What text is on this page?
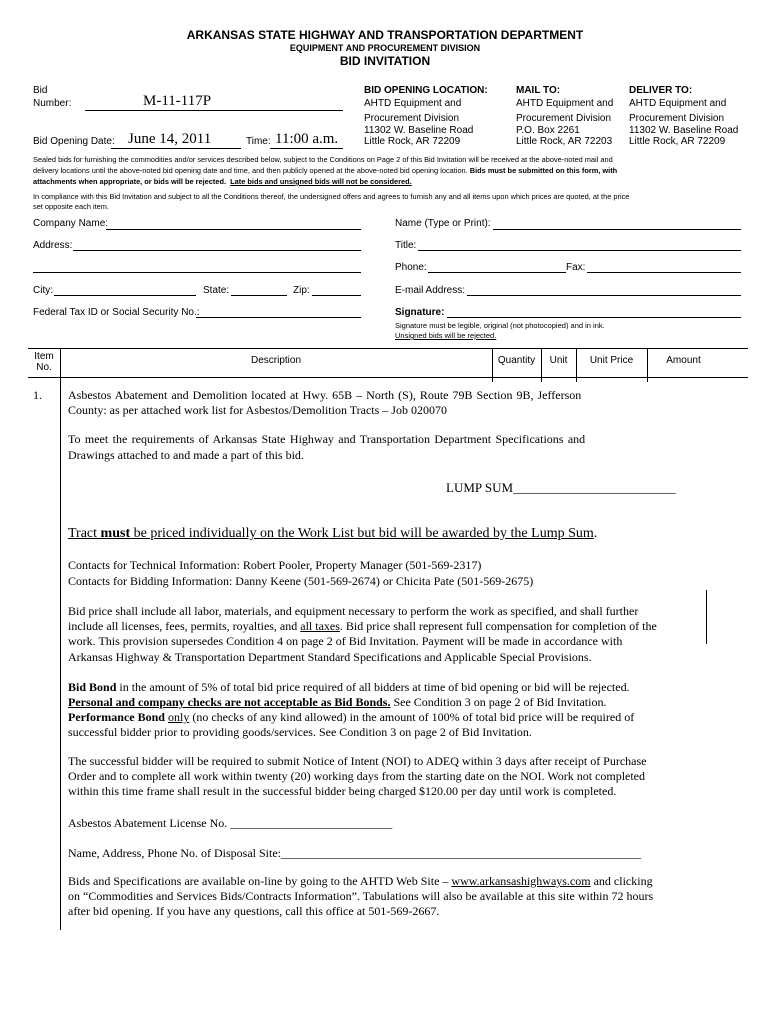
ARKANSAS STATE HIGHWAY AND TRANSPORTATION DEPARTMENT
EQUIPMENT AND PROCUREMENT DIVISION
BID INVITATION
Bid
Number:	M-11-117P
Bid Opening Date: June 14, 2011	Time: 11:00 a.m.
BID OPENING LOCATION:
AHTD Equipment and
Procurement Division
11302 W. Baseline Road
Little Rock, AR 72209
MAIL TO:
AHTD Equipment and
Procurement Division
P.O. Box 2261
Little Rock, AR 72203
DELIVER TO:
AHTD Equipment and
Procurement Division
11302 W. Baseline Road
Little Rock, AR 72209
Sealed bids for furnishing the commodities and/or services described below, subject to the Conditions on Page 2 of this Bid Invitation will be received at the above-noted mail and
delivery locations until the above-noted bid opening date and time, and then publicly opened at the above-noted bid opening location. Bids must be submitted on this form, with
attachments when appropriate, or bids will be rejected. Late bids and unsigned bids will not be considered.
In compliance with this Bid Invitation and subject to all the Conditions thereof, the undersigned offers and agrees to furnish any and all items upon which prices are quoted, at the price
set opposite each item.
Company Name:
Address:
City:	State:	Zip:
Federal Tax ID or Social Security No.:
Name (Type or Print):
Title:
Phone:	Fax:
E-mail Address:
Signature:
Signature must be legible, original (not photocopied) and in ink.
Unsigned bids will be rejected.
Item
No.
Description	Quantity	Unit	Unit Price	Amount
1. Asbestos Abatement and Demolition located at Hwy. 65B – North (S), Route 79B Section 9B, Jefferson
County: as per attached work list for Asbestos/Demolition Tracts – Job 020070
To meet the requirements of Arkansas State Highway and Transportation Department Specifications and
Drawings attached to and made a part of this bid.
LUMP SUM_________________________
Tract must be priced individually on the Work List but bid will be awarded by the Lump Sum.
Contacts for Technical Information: Robert Pooler, Property Manager (501-569-2317)
Contacts for Bidding Information: Danny Keene (501-569-2674) or Chicita Pate (501-569-2675)
Bid price shall include all labor, materials, and equipment necessary to perform the work as specified, and shall further
include all licenses, fees, permits, royalties, and all taxes. Bid price shall represent full compensation for completion of the
work. This provision supersedes Condition 4 on page 2 of Bid Invitation. Payment will be made in accordance with
Arkansas Highway & Transportation Department Standard Specifications and Applicable Special Provisions.
Bid Bond in the amount of 5% of total bid price required of all bidders at time of bid opening or bid will be rejected.
Personal and company checks are not acceptable as Bid Bonds. See Condition 3 on page 2 of Bid Invitation.
Performance Bond only (no checks of any kind allowed) in the amount of 100% of total bid price will be required of
successful bidder prior to providing goods/services. See Condition 3 on page 2 of Bid Invitation.
The successful bidder will be required to submit Notice of Intent (NOI) to ADEQ within 3 days after receipt of Purchase
Order and to complete all work within twenty (20) working days from the starting date on the NOI. Work not completed
within this time frame shall result in the successful bidder being charged $120.00 per day until work is completed.
Asbestos Abatement License No. ___________________________
Name, Address, Phone No. of Disposal Site:____________________________________________________________
Bids and Specifications are available on-line by going to the AHTD Web Site – www.arkansashighways.com and clicking
on “Commodities and Services Bids/Contracts Information”. Tabulations will also be available at this site within 72 hours
after bid opening. If you have any questions, call this office at 501-569-2667.
